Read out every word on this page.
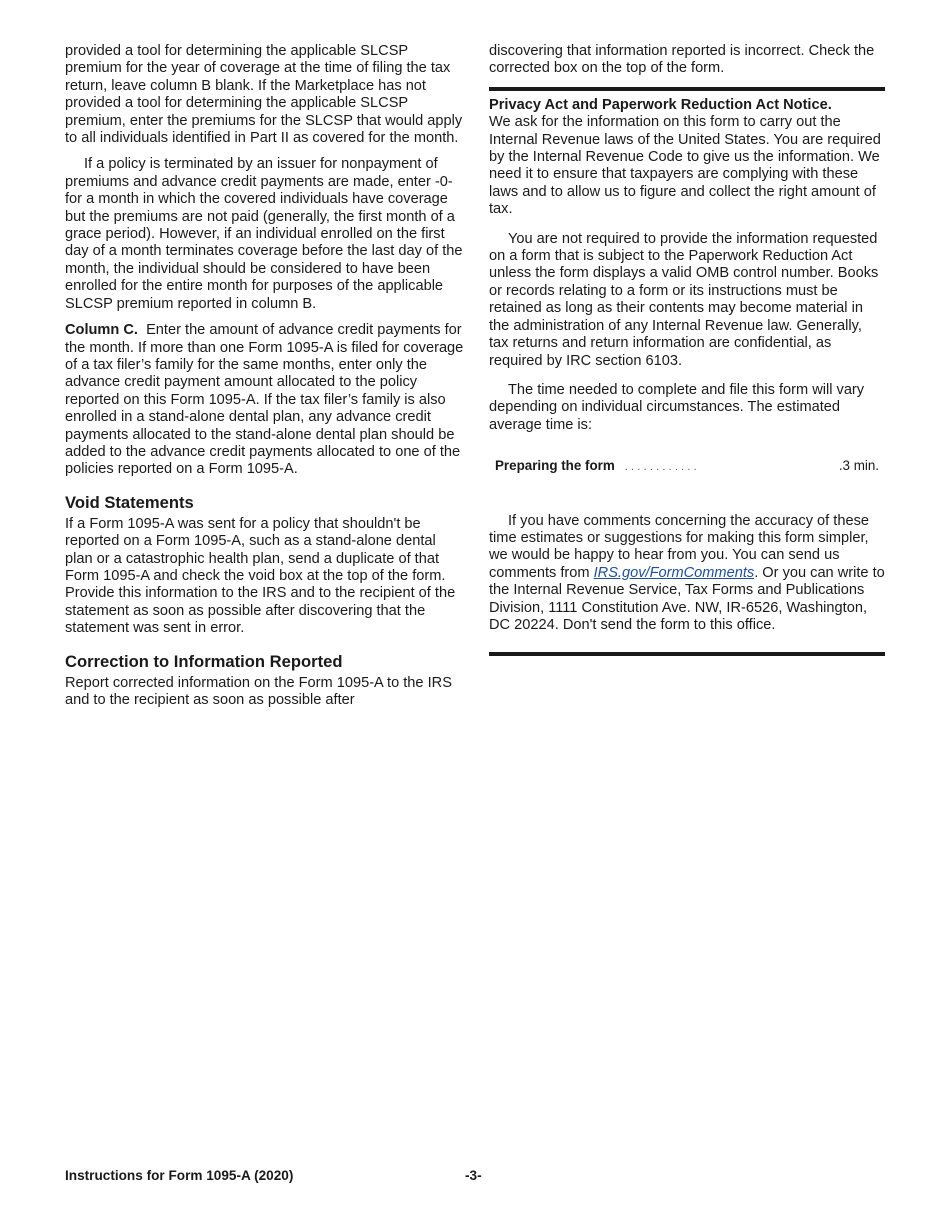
provided a tool for determining the applicable SLCSP premium for the year of coverage at the time of filing the tax return, leave column B blank. If the Marketplace has not provided a tool for determining the applicable SLCSP premium, enter the premiums for the SLCSP that would apply to all individuals identified in Part II as covered for the month.

If a policy is terminated by an issuer for nonpayment of premiums and advance credit payments are made, enter -0- for a month in which the covered individuals have coverage but the premiums are not paid (generally, the first month of a grace period). However, if an individual enrolled on the first day of a month terminates coverage before the last day of the month, the individual should be considered to have been enrolled for the entire month for purposes of the applicable SLCSP premium reported in column B.

Column C. Enter the amount of advance credit payments for the month. If more than one Form 1095-A is filed for coverage of a tax filer’s family for the same months, enter only the advance credit payment amount allocated to the policy reported on this Form 1095-A. If the tax filer’s family is also enrolled in a stand-alone dental plan, any advance credit payments allocated to the stand-alone dental plan should be added to the advance credit payments allocated to one of the policies reported on a Form 1095-A.

Void Statements

If a Form 1095-A was sent for a policy that shouldn't be reported on a Form 1095-A, such as a stand-alone dental plan or a catastrophic health plan, send a duplicate of that Form 1095-A and check the void box at the top of the form. Provide this information to the IRS and to the recipient of the statement as soon as possible after discovering that the statement was sent in error.

Correction to Information Reported

Report corrected information on the Form 1095-A to the IRS and to the recipient as soon as possible after

discovering that information reported is incorrect. Check the corrected box on the top of the form.

Privacy Act and Paperwork Reduction Act Notice.
We ask for the information on this form to carry out the Internal Revenue laws of the United States. You are required by the Internal Revenue Code to give us the information. We need it to ensure that taxpayers are complying with these laws and to allow us to figure and collect the right amount of tax.

You are not required to provide the information requested on a form that is subject to the Paperwork Reduction Act unless the form displays a valid OMB control number. Books or records relating to a form or its instructions must be retained as long as their contents may become material in the administration of any Internal Revenue law. Generally, tax returns and return information are confidential, as required by IRC section 6103.

The time needed to complete and file this form will vary depending on individual circumstances. The estimated average time is:

Preparing the form ............	.3 min.

If you have comments concerning the accuracy of these time estimates or suggestions for making this form simpler, we would be happy to hear from you. You can send us comments from IRS.gov/FormComments. Or you can write to the Internal Revenue Service, Tax Forms and Publications Division, 1111 Constitution Ave. NW, IR-6526, Washington, DC 20224. Don't send the form to this office.

Instructions for Form 1095-A (2020)	-3-
